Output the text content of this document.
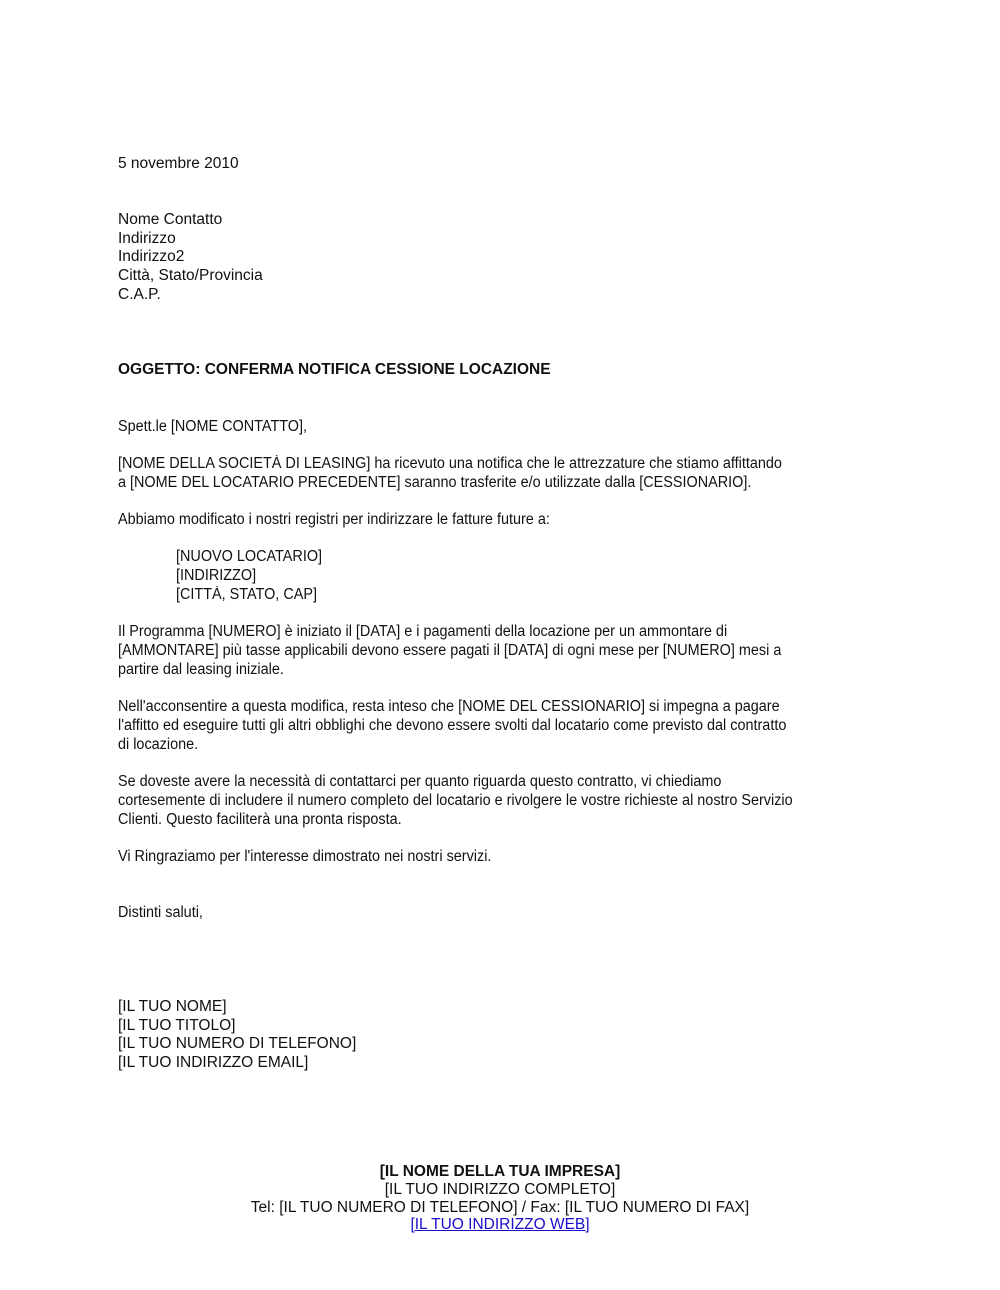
5 novembre 2010
Nome Contatto
Indirizzo
Indirizzo2
Città, Stato/Provincia
C.A.P.
OGGETTO: CONFERMA NOTIFICA CESSIONE LOCAZIONE
Spett.le [NOME CONTATTO],
[NOME DELLA SOCIETÀ DI LEASING] ha ricevuto una notifica che le attrezzature che stiamo affittando
a [NOME DEL LOCATARIO PRECEDENTE] saranno trasferite e/o utilizzate dalla [CESSIONARIO].
Abbiamo modificato i nostri registri per indirizzare le fatture future a:
[NUOVO LOCATARIO]
[INDIRIZZO]
[CITTÀ, STATO, CAP]
Il Programma [NUMERO] è iniziato il [DATA] e i pagamenti della locazione per un ammontare di
[AMMONTARE] più tasse applicabili devono essere pagati il [DATA] di ogni mese per [NUMERO] mesi a
partire dal leasing iniziale.
Nell'acconsentire a questa modifica, resta inteso che [NOME DEL CESSIONARIO] si impegna a pagare
l'affitto ed eseguire tutti gli altri obblighi che devono essere svolti dal locatario come previsto dal contratto
di locazione.
Se doveste avere la necessità di contattarci per quanto riguarda questo contratto, vi chiediamo
cortesemente di includere il numero completo del locatario e rivolgere le vostre richieste al nostro Servizio
Clienti. Questo faciliterà una pronta risposta.
Vi Ringraziamo per l'interesse dimostrato nei nostri servizi.
Distinti saluti,
[IL TUO NOME]
[IL TUO TITOLO]
[IL TUO NUMERO DI TELEFONO]
[IL TUO INDIRIZZO EMAIL]
[IL NOME DELLA TUA IMPRESA]
[IL TUO INDIRIZZO COMPLETO]
Tel: [IL TUO NUMERO DI TELEFONO] / Fax: [IL TUO NUMERO DI FAX]
[IL TUO INDIRIZZO WEB]
